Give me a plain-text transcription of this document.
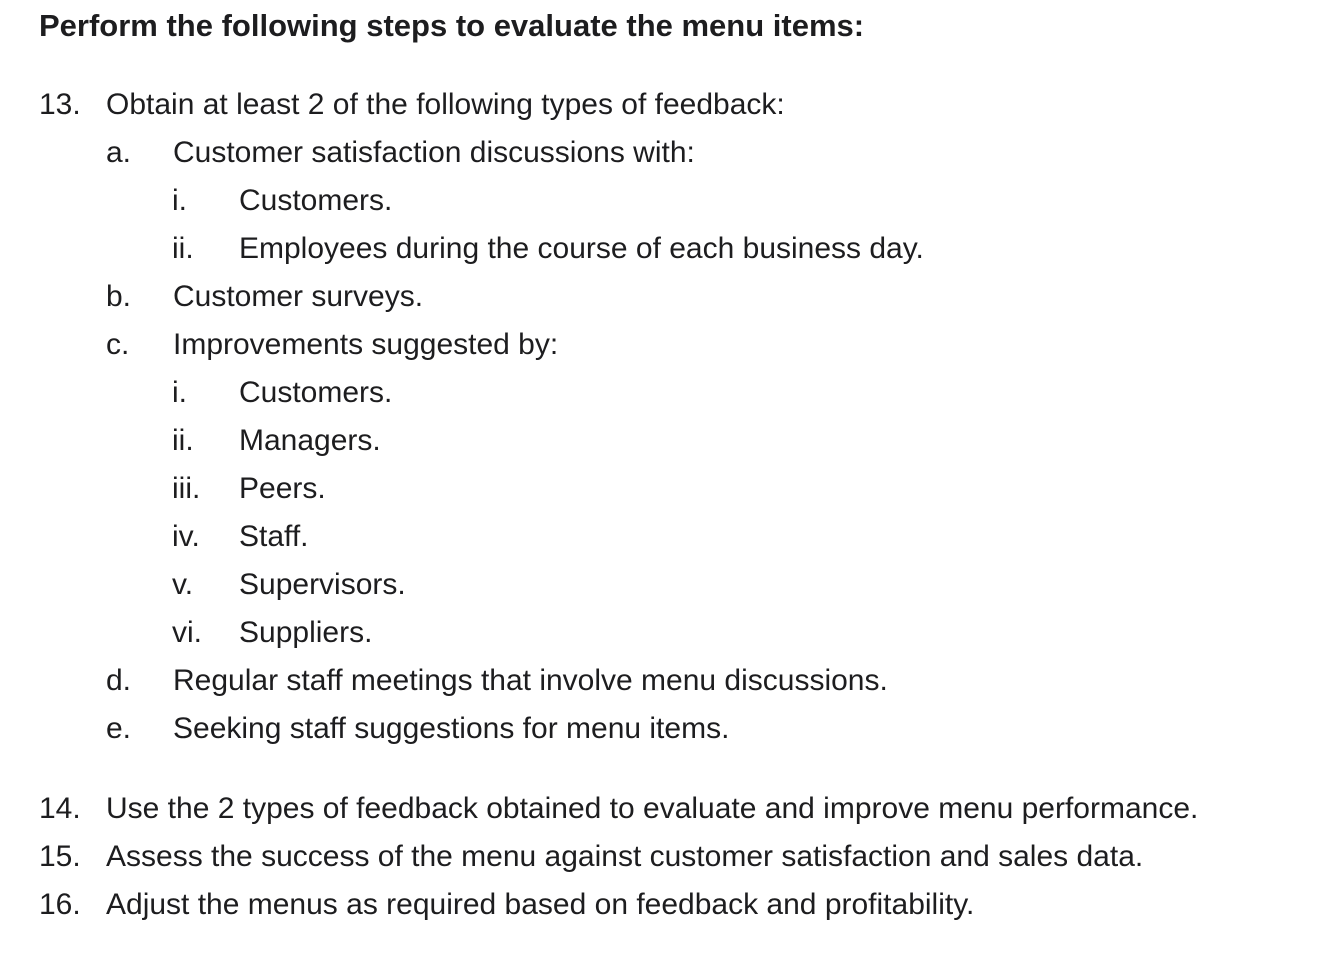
Perform the following steps to evaluate the menu items:
13. Obtain at least 2 of the following types of feedback:
a. Customer satisfaction discussions with:
i. Customers.
ii. Employees during the course of each business day.
b. Customer surveys.
c. Improvements suggested by:
i. Customers.
ii. Managers.
iii. Peers.
iv. Staff.
v. Supervisors.
vi. Suppliers.
d. Regular staff meetings that involve menu discussions.
e. Seeking staff suggestions for menu items.
14. Use the 2 types of feedback obtained to evaluate and improve menu performance.
15. Assess the success of the menu against customer satisfaction and sales data.
16. Adjust the menus as required based on feedback and profitability.
